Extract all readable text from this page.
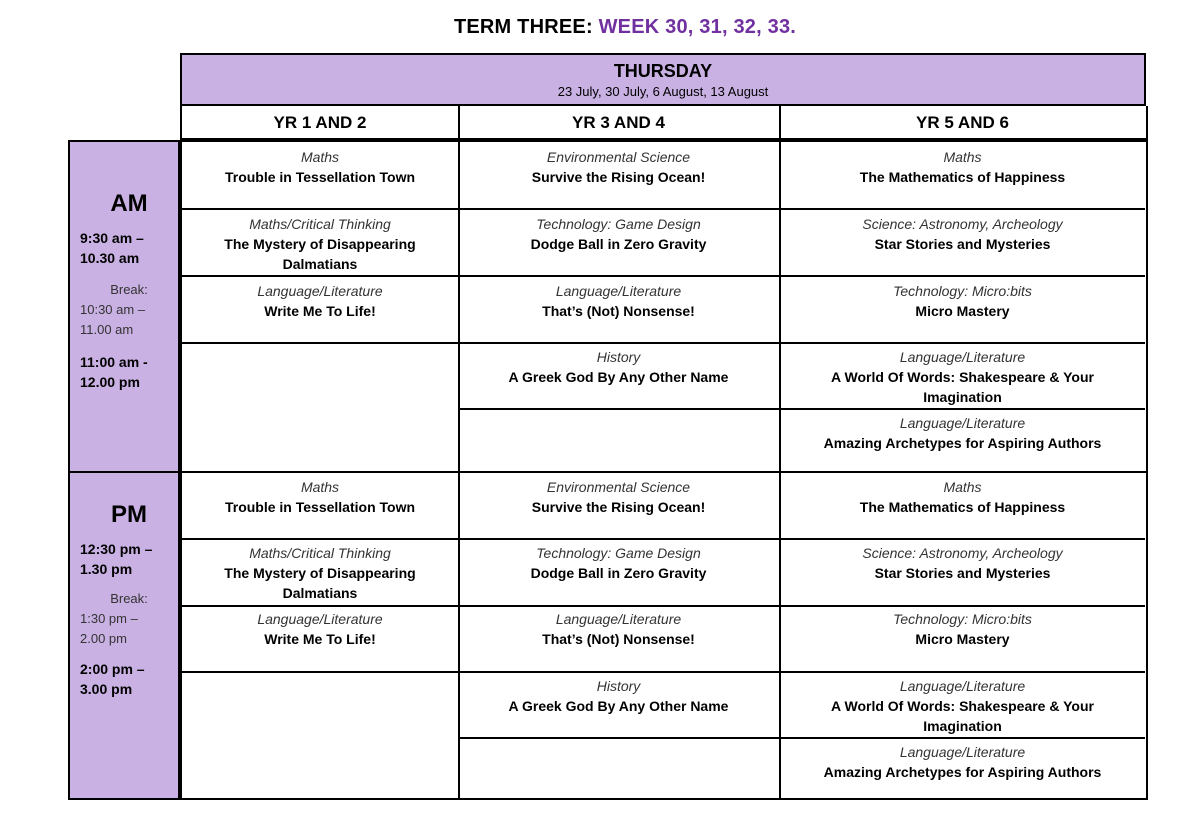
TERM THREE: WEEK 30, 31, 32, 33.
THURSDAY
23 July, 30 July, 6 August, 13 August
YR 1 AND 2	YR 3 AND 4	YR 5 AND 6
AM
9:30 am –
10.30 am
Break:
10:30 am –
11.00 am
11:00 am -
12.00 pm
PM
12:30 pm –
1.30 pm
Break:
1:30 pm –
2.00 pm
2:00 pm –
3.00 pm
Maths
Trouble in Tessellation Town
Maths/Critical Thinking
The Mystery of Disappearing Dalmatians
Language/Literature
Write Me To Life!
Environmental Science
Survive the Rising Ocean!
Technology: Game Design
Dodge Ball in Zero Gravity
Language/Literature
That’s (Not) Nonsense!
History
A Greek God By Any Other Name
Maths
The Mathematics of Happiness
Science: Astronomy, Archeology
Star Stories and Mysteries
Technology: Micro:bits
Micro Mastery
Language/Literature
A World Of Words: Shakespeare & Your Imagination
Language/Literature
Amazing Archetypes for Aspiring Authors
Maths
Trouble in Tessellation Town
Maths/Critical Thinking
The Mystery of Disappearing Dalmatians
Language/Literature
Write Me To Life!
Environmental Science
Survive the Rising Ocean!
Technology: Game Design
Dodge Ball in Zero Gravity
Language/Literature
That’s (Not) Nonsense!
History
A Greek God By Any Other Name
Maths
The Mathematics of Happiness
Science: Astronomy, Archeology
Star Stories and Mysteries
Technology: Micro:bits
Micro Mastery
Language/Literature
A World Of Words: Shakespeare & Your Imagination
Language/Literature
Amazing Archetypes for Aspiring Authors
